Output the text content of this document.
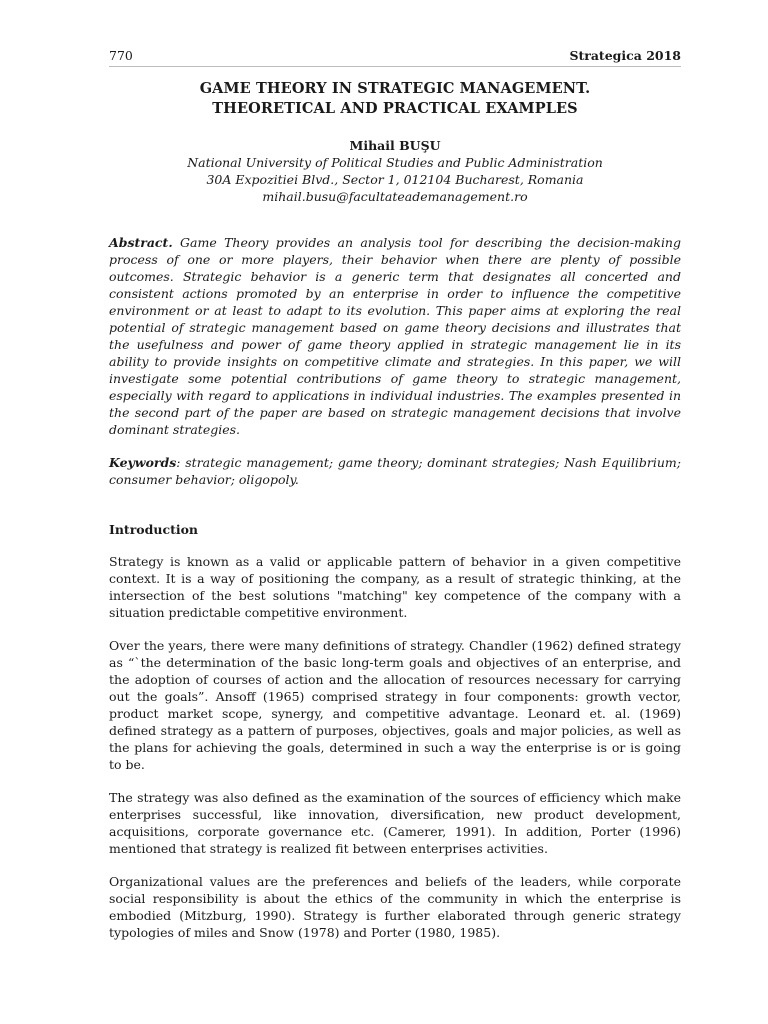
770	Strategica 2018
GAME THEORY IN STRATEGIC MANAGEMENT.
THEORETICAL AND PRACTICAL EXAMPLES
Mihail BUŞU
National University of Political Studies and Public Administration
30A Expozitiei Blvd., Sector 1, 012104 Bucharest, Romania
mihail.busu@facultateademanagement.ro
Abstract. Game Theory provides an analysis tool for describing the decision-making process of one or more players, their behavior when there are plenty of possible outcomes. Strategic behavior is a generic term that designates all concerted and consistent actions promoted by an enterprise in order to influence the competitive environment or at least to adapt to its evolution. This paper aims at exploring the real potential of strategic management based on game theory decisions and illustrates that the usefulness and power of game theory applied in strategic management lie in its ability to provide insights on competitive climate and strategies. In this paper, we will investigate some potential contributions of game theory to strategic management, especially with regard to applications in individual industries. The examples presented in the second part of the paper are based on strategic management decisions that involve dominant strategies.
Keywords: strategic management; game theory; dominant strategies; Nash Equilibrium; consumer behavior; oligopoly.
Introduction

Strategy is known as a valid or applicable pattern of behavior in a given competitive context. It is a way of positioning the company, as a result of strategic thinking, at the intersection of the best solutions "matching" key competence of the company with a situation predictable competitive environment.

Over the years, there were many definitions of strategy. Chandler (1962) defined strategy as “`the determination of the basic long-term goals and objectives of an enterprise, and the adoption of courses of action and the allocation of resources necessary for carrying out the goals”. Ansoff (1965) comprised strategy in four components: growth vector, product market scope, synergy, and competitive advantage. Leonard et. al. (1969) defined strategy as a pattern of purposes, objectives, goals and major policies, as well as the plans for achieving the goals, determined in such a way the enterprise is or is going to be.

The strategy was also defined as the examination of the sources of efficiency which make enterprises successful, like innovation, diversification, new product development, acquisitions, corporate governance etc. (Camerer, 1991). In addition, Porter (1996) mentioned that strategy is realized fit between enterprises activities.

Organizational values are the preferences and beliefs of the leaders, while corporate social responsibility is about the ethics of the community in which the enterprise is embodied (Mitzburg, 1990). Strategy is further elaborated through generic strategy typologies of miles and Snow (1978) and Porter (1980, 1985).
